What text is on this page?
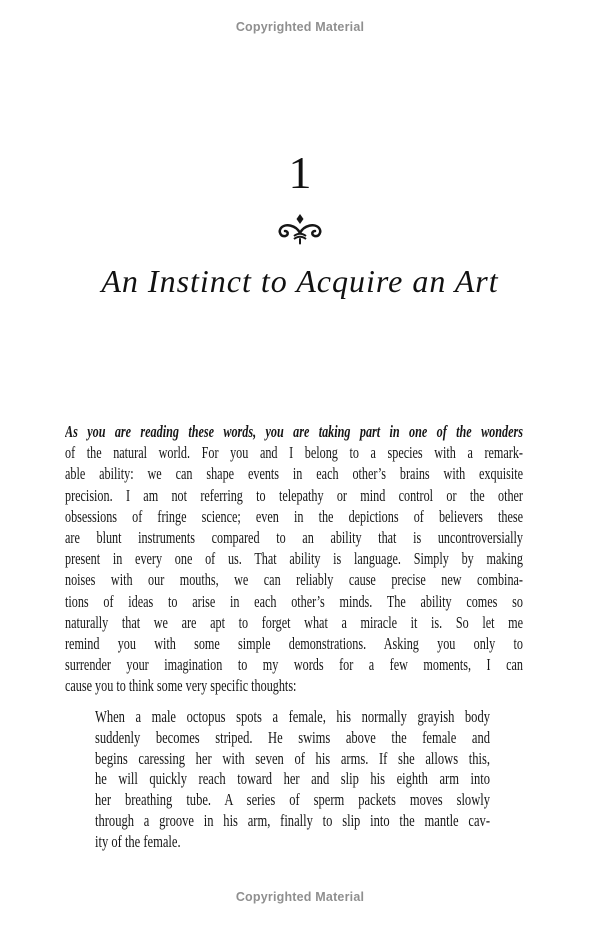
Copyrighted Material
1
An Instinct to Acquire an Art
As you are reading these words, you are taking part in one of the wonders
of the natural world. For you and I belong to a species with a remark-
able ability: we can shape events in each other’s brains with exquisite
precision. I am not referring to telepathy or mind control or the other
obsessions of fringe science; even in the depictions of believers these
are blunt instruments compared to an ability that is uncontroversially
present in every one of us. That ability is language. Simply by making
noises with our mouths, we can reliably cause precise new combina-
tions of ideas to arise in each other’s minds. The ability comes so
naturally that we are apt to forget what a miracle it is. So let me
remind you with some simple demonstrations. Asking you only to
surrender your imagination to my words for a few moments, I can
cause you to think some very specific thoughts:
When a male octopus spots a female, his normally grayish body
suddenly becomes striped. He swims above the female and
begins caressing her with seven of his arms. If she allows this,
he will quickly reach toward her and slip his eighth arm into
her breathing tube. A series of sperm packets moves slowly
through a groove in his arm, finally to slip into the mantle cav-
ity of the female.
Copyrighted Material
